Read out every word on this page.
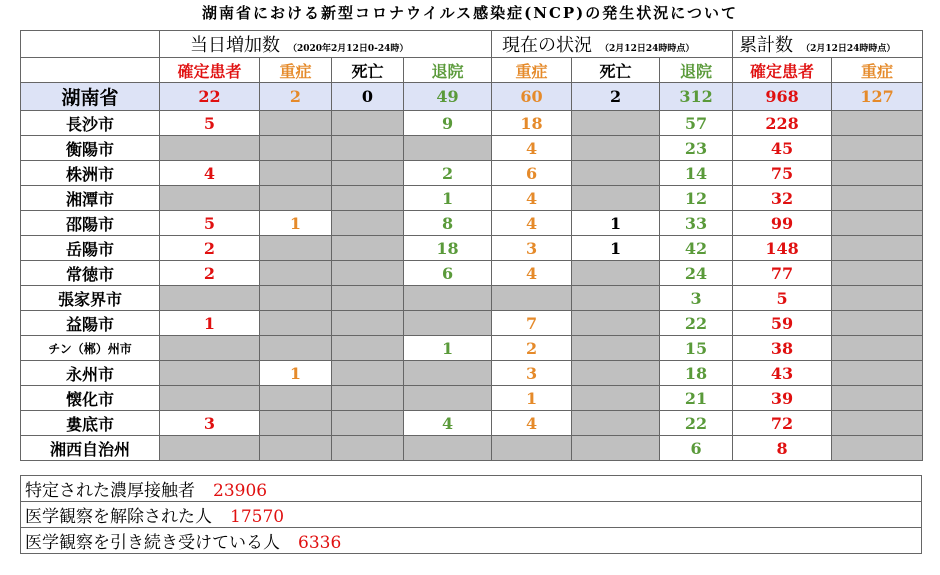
湖南省における新型コロナウイルス感染症(NCP)の発生状況について
	当日増加数 （2020年2月12日0-24時）				現在の状況 （2月12日24時時点）			累計数 （2月12日24時時点）	
	確定患者	重症	死亡	退院	重症	死亡	退院	確定患者	重症
湖南省	22	2	0	49	60	2	312	968	127
長沙市	5			9	18		57	228	
衡陽市					4		23	45	
株洲市	4			2	6		14	75	
湘潭市				1	4		12	32	
邵陽市	5	1		8	4	1	33	99	
岳陽市	2			18	3	1	42	148	
常徳市	2			6	4		24	77	
張家界市							3	5	
益陽市	1				7		22	59	
チン（郴）州市				1	2		15	38	
永州市		1			3		18	43	
懐化市					1		21	39	
婁底市	3			4	4		22	72	
湘西自治州							6	8	
特定された濃厚接触者 23906
医学観察を解除された人 17570
医学観察を引き続き受けている人 6336
